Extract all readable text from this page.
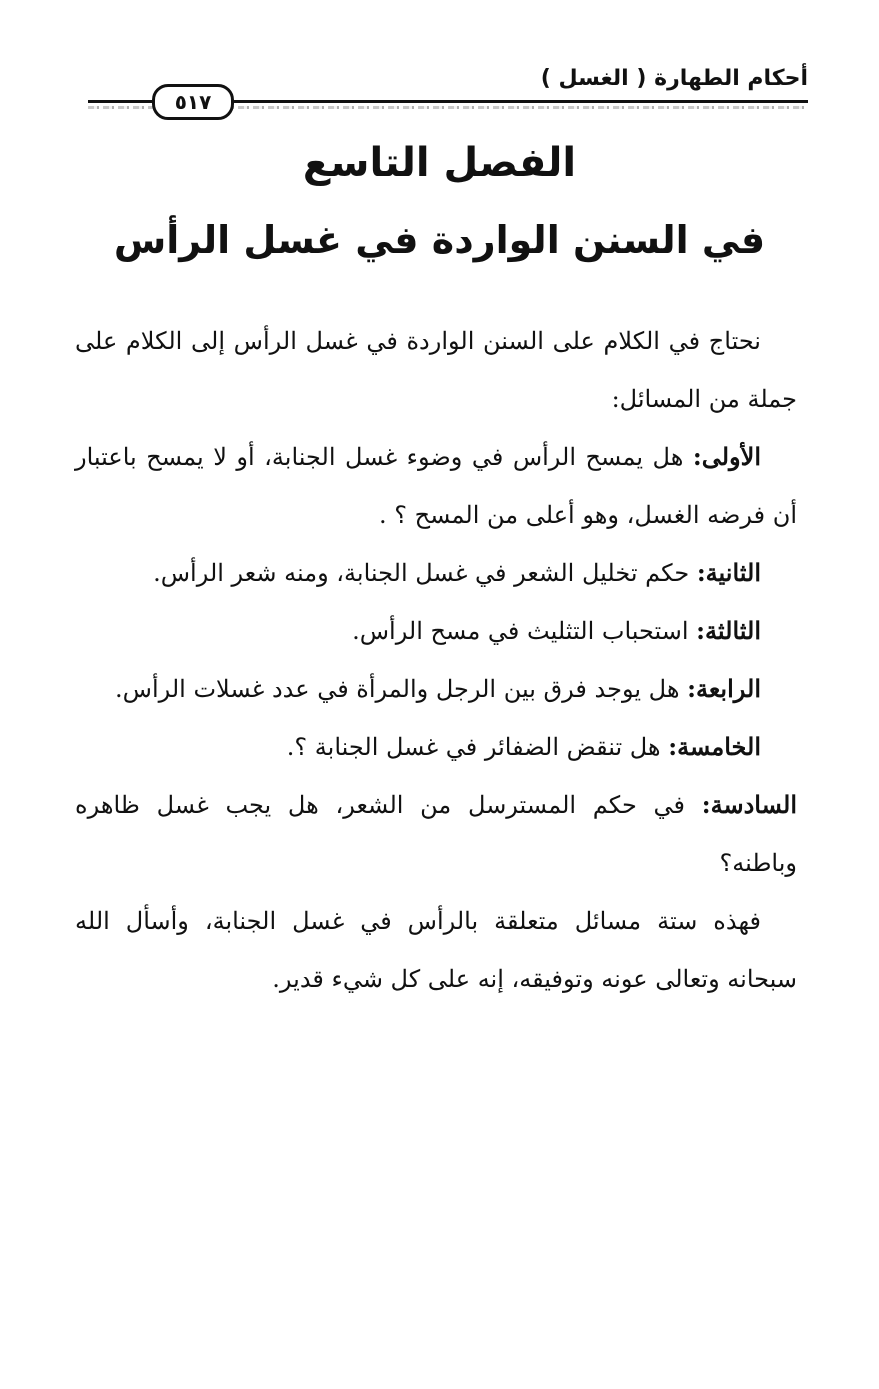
أحكام الطهارة ( الغسل )
٥١٧
الفصل التاسع
في السنن الواردة في غسل الرأس

نحتاج في الكلام على السنن الواردة في غسل الرأس إلى الكلام على جملة من المسائل:

الأولى: هل يمسح الرأس في وضوء غسل الجنابة، أو لا يمسح باعتبار أن فرضه الغسل، وهو أعلى من المسح ؟ .

الثانية: حكم تخليل الشعر في غسل الجنابة، ومنه شعر الرأس.

الثالثة: استحباب التثليث في مسح الرأس.

الرابعة: هل يوجد فرق بين الرجل والمرأة في عدد غسلات الرأس.

الخامسة: هل تنقض الضفائر في غسل الجنابة ؟.

السادسة: في حكم المسترسل من الشعر، هل يجب غسل ظاهره وباطنه؟

فهذه ستة مسائل متعلقة بالرأس في غسل الجنابة، وأسأل الله سبحانه وتعالى عونه وتوفيقه، إنه على كل شيء قدير.
